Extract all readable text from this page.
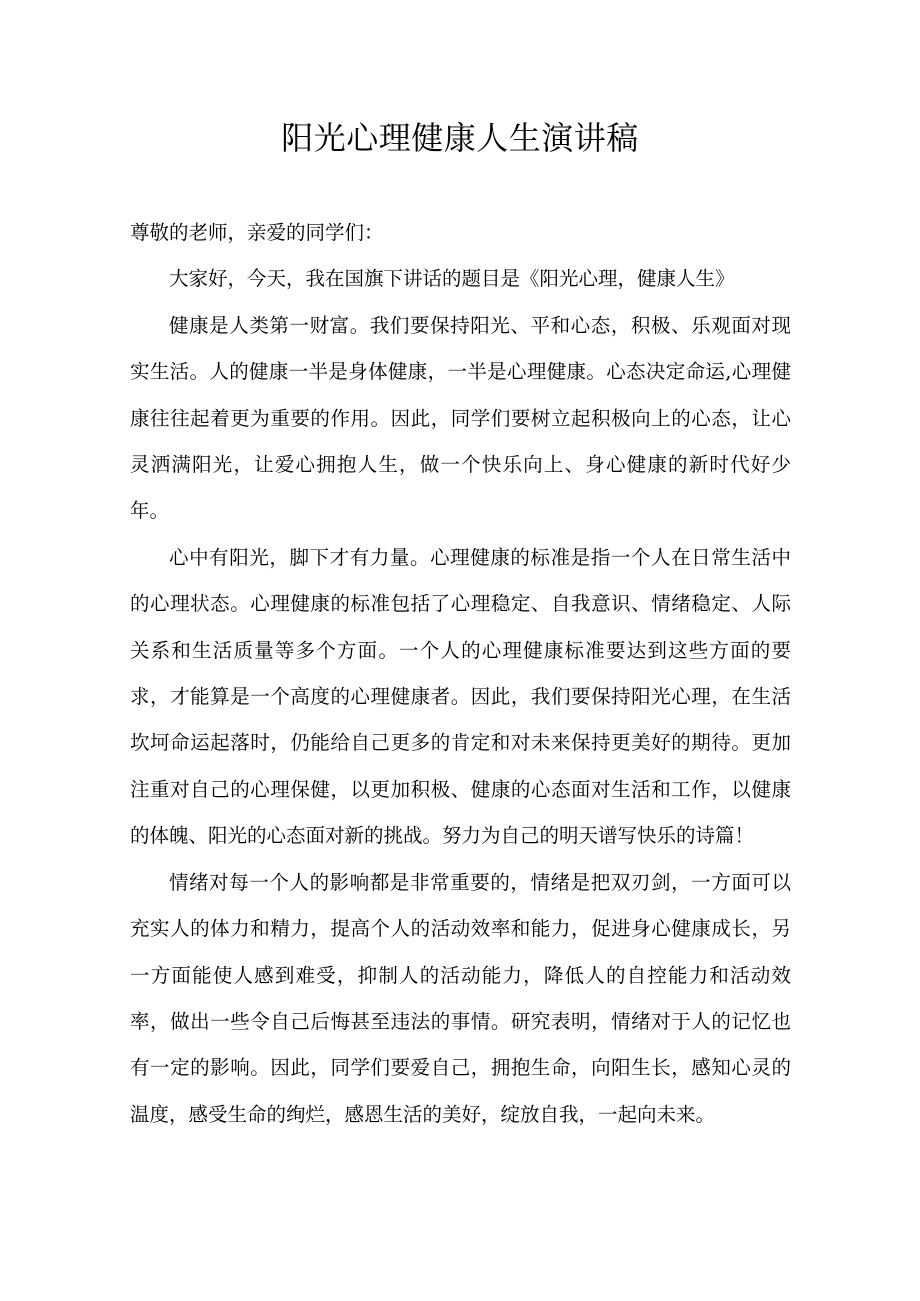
阳光心理健康人生演讲稿

尊敬的老师，亲爱的同学们：

大家好，今天，我在国旗下讲话的题目是《阳光心理，健康人生》

健康是人类第一财富。我们要保持阳光、平和心态，积极、乐观面对现实生活。人的健康一半是身体健康，一半是心理健康。心态决定命运,心理健康往往起着更为重要的作用。因此，同学们要树立起积极向上的心态，让心灵洒满阳光，让爱心拥抱人生，做一个快乐向上、身心健康的新时代好少年。

心中有阳光，脚下才有力量。心理健康的标准是指一个人在日常生活中的心理状态。心理健康的标准包括了心理稳定、自我意识、情绪稳定、人际关系和生活质量等多个方面。一个人的心理健康标准要达到这些方面的要求，才能算是一个高度的心理健康者。因此，我们要保持阳光心理，在生活坎坷命运起落时，仍能给自己更多的肯定和对未来保持更美好的期待。更加注重对自己的心理保健，以更加积极、健康的心态面对生活和工作，以健康的体魄、阳光的心态面对新的挑战。努力为自己的明天谱写快乐的诗篇！

情绪对每一个人的影响都是非常重要的，情绪是把双刃剑，一方面可以充实人的体力和精力，提高个人的活动效率和能力，促进身心健康成长，另一方面能使人感到难受，抑制人的活动能力，降低人的自控能力和活动效率，做出一些令自己后悔甚至违法的事情。研究表明，情绪对于人的记忆也有一定的影响。因此，同学们要爱自己，拥抱生命，向阳生长，感知心灵的温度，感受生命的绚烂，感恩生活的美好，绽放自我，一起向未来。
